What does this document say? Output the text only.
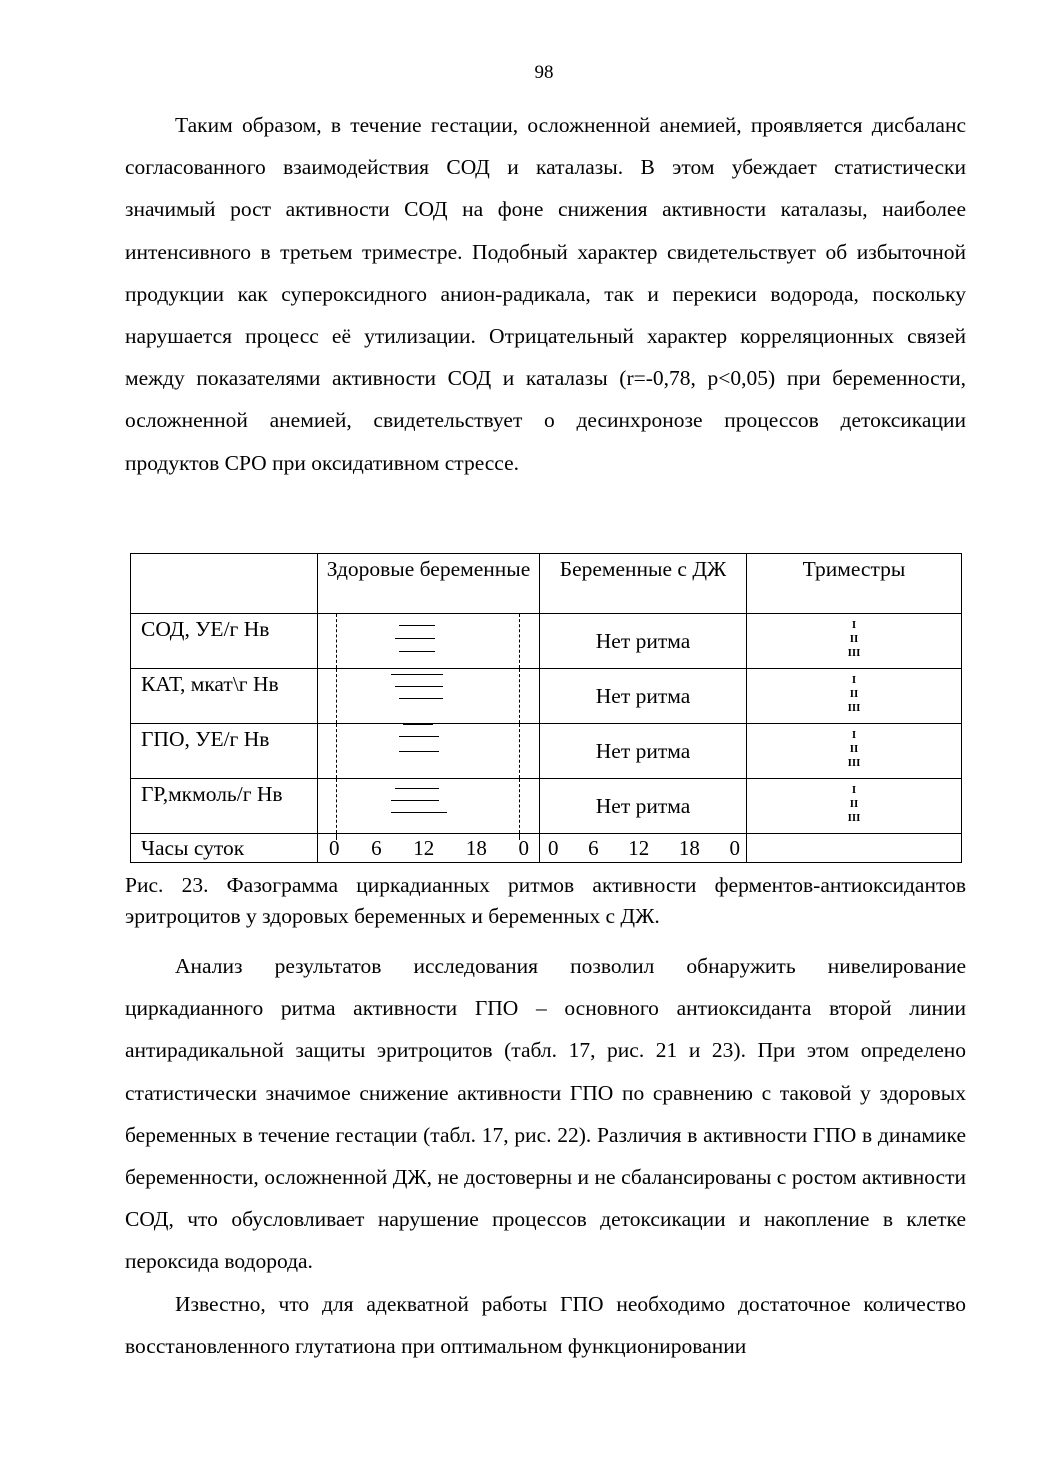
98

Таким образом, в течение гестации, осложненной анемией, проявляется дисбаланс согласованного взаимодействия СОД и каталазы. В этом убеждает статистически значимый рост активности СОД на фоне снижения активности каталазы, наиболее интенсивного в третьем триместре. Подобный характер свидетельствует об избыточной продукции как супероксидного анион-радикала, так и перекиси водорода, поскольку нарушается процесс её утилизации. Отрицательный характер корреляционных связей между показателями активности СОД и каталазы (r=-0,78, p<0,05) при беременности, осложненной анемией, свидетельствует о десинхронозе процессов детоксикации продуктов СРО при оксидативном стрессе.

	Здоровые беременные	Беременные с ДЖ	Триместры
СОД, УЕ/г Нв		Нет ритма	I
II
III

КАТ, мкат\г Нв		Нет ритма	I
II
III

ГПО, УЕ/г Нв		Нет ритма	I
II
III

ГР,мкмоль/г Нв		Нет ритма	I
II
III

Часы суток	0 6 12 18 0	0 6 12 18 0	

Рис. 23. Фазограмма циркадианных ритмов активности ферментов-антиоксидантов эритроцитов у здоровых беременных и беременных с ДЖ.

Анализ результатов исследования позволил обнаружить нивелирование циркадианного ритма активности ГПО – основного антиоксиданта второй линии антирадикальной защиты эритроцитов (табл. 17, рис. 21 и 23). При этом определено статистически значимое снижение активности ГПО по сравнению с таковой у здоровых беременных в течение гестации (табл. 17, рис. 22). Различия в активности ГПО в динамике беременности, осложненной ДЖ, не достоверны и не сбалансированы с ростом активности СОД, что обусловливает нарушение процессов детоксикации и накопление в клетке пероксида водорода.

Известно, что для адекватной работы ГПО необходимо достаточное количество восстановленного глутатиона при оптимальном функционировании
